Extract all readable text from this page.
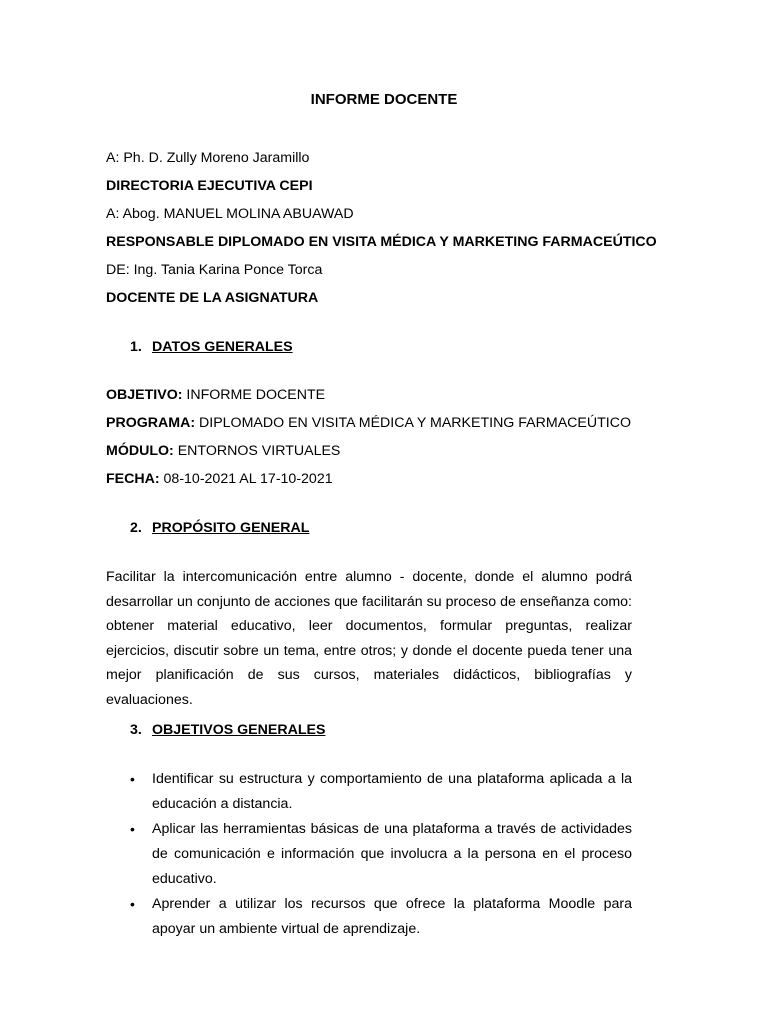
INFORME DOCENTE
A: Ph. D. Zully Moreno Jaramillo
DIRECTORIA EJECUTIVA CEPI
A: Abog. MANUEL MOLINA ABUAWAD
RESPONSABLE DIPLOMADO EN VISITA MÉDICA Y MARKETING FARMACEÚTICO
DE: Ing. Tania Karina Ponce Torca
DOCENTE DE LA ASIGNATURA
1. DATOS GENERALES
OBJETIVO: INFORME DOCENTE
PROGRAMA: DIPLOMADO EN VISITA MÉDICA Y MARKETING FARMACEÚTICO
MÓDULO: ENTORNOS VIRTUALES
FECHA: 08-10-2021 AL 17-10-2021
2. PROPÓSITO GENERAL
Facilitar la intercomunicación entre alumno - docente, donde el alumno podrá desarrollar un conjunto de acciones que facilitarán su proceso de enseñanza como: obtener material educativo, leer documentos, formular preguntas, realizar ejercicios, discutir sobre un tema, entre otros; y donde el docente pueda tener una mejor planificación de sus cursos, materiales didácticos, bibliografías y evaluaciones.
3. OBJETIVOS GENERALES
• Identificar su estructura y comportamiento de una plataforma aplicada a la educación a distancia.
• Aplicar las herramientas básicas de una plataforma a través de actividades de comunicación e información que involucra a la persona en el proceso educativo.
• Aprender a utilizar los recursos que ofrece la plataforma Moodle para apoyar un ambiente virtual de aprendizaje.
